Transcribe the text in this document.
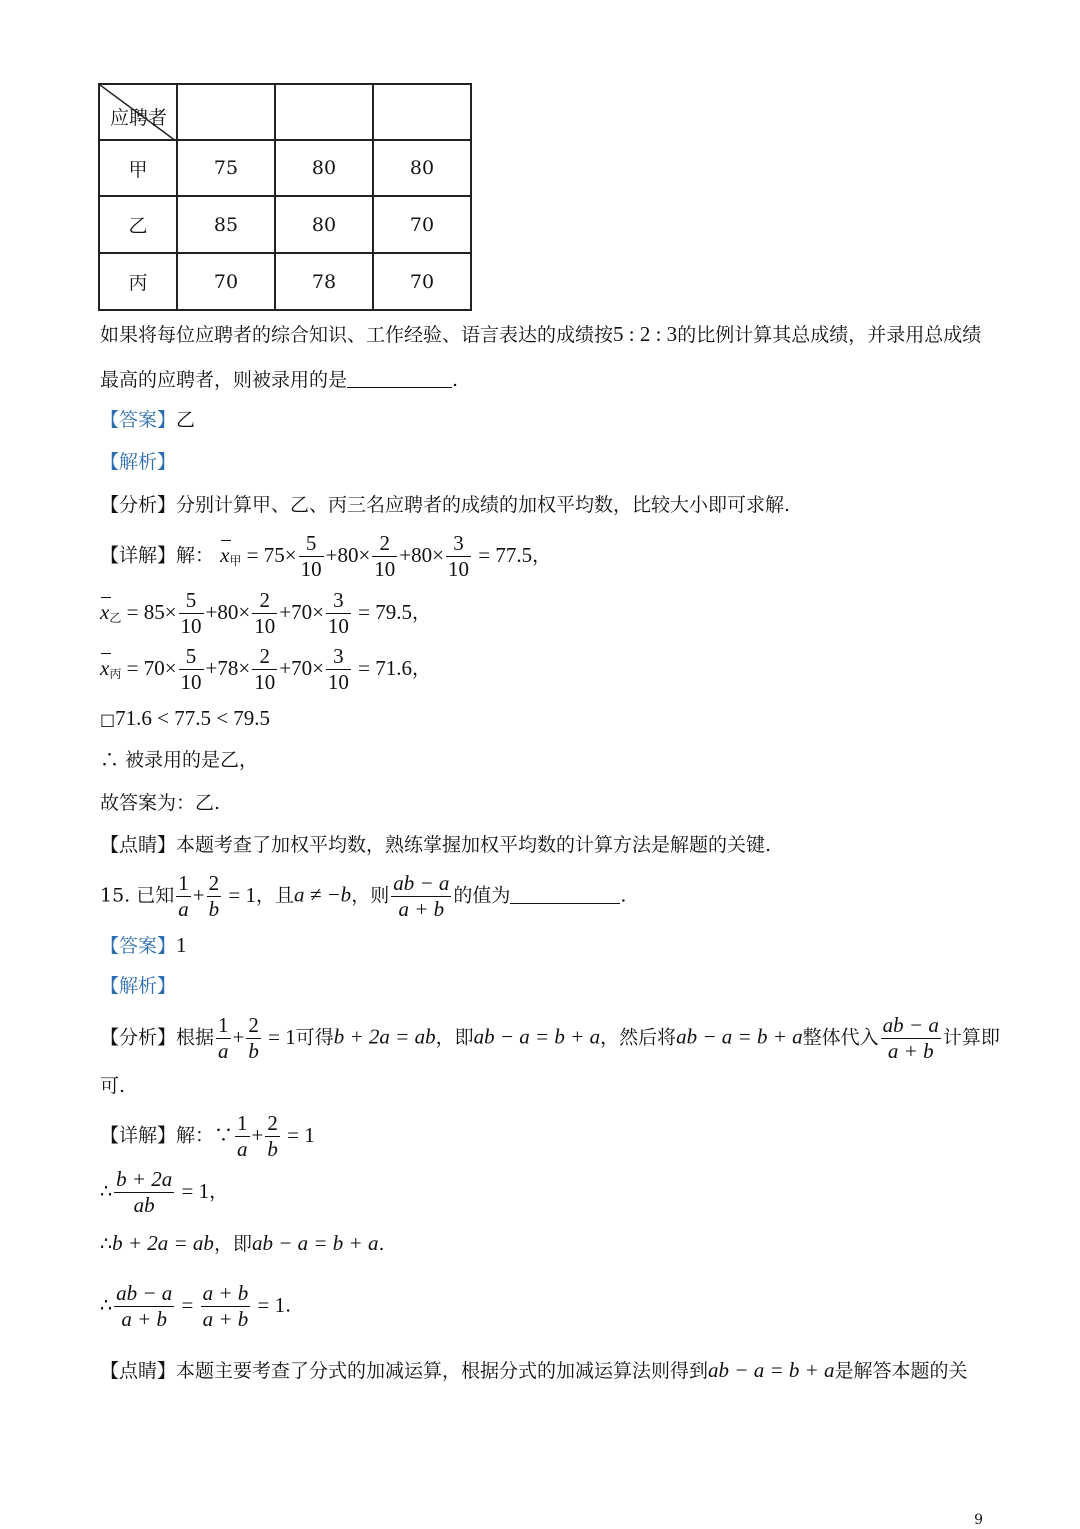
应聘者			

甲	75	80	80
乙	85	80	70
丙	70	78	70
如果将每位应聘者的综合知识、工作经验、语言表达的成绩按5 : 2 : 3的比例计算其总成绩，并录用总成绩
最高的应聘者，则被录用的是	.
【答案】乙
【解析】
【分析】分别计算甲、乙、丙三名应聘者的成绩的加权平均数，比较大小即可求解.
【详解】解： $x_甲 = 75\times \frac{5}{10} +80\times \frac{2}{10} +80\times \frac{3}{10} = 77.5$，
$x_乙 = 85\times \frac{5}{10} +80\times \frac{2}{10} +70\times \frac{3}{10} = 79.5$，
$x_丙 = 70\times \frac{5}{10} +78\times \frac{2}{10} +70\times \frac{3}{10} = 71.6$，
□71.6 < 77.5 < 79.5
∴ 被录用的是乙，
故答案为：乙.
【点睛】本题考查了加权平均数，熟练掌握加权平均数的计算方法是解题的关键.
15. 已知 $\frac{1}{a} + \frac{2}{b} = 1$，且a ≠ −b，则 $\frac{ab - a}{a + b}$ 的值为	.
【答案】1
【解析】
【分析】根据 $\frac{1}{a} + \frac{2}{b} = 1$可得b + 2a = ab，即ab − a = b + a，然后将ab − a = b + a整体代入 $\frac{ab - a}{a + b}$ 计算即
可.
【详解】解：∵ $\frac{1}{a} + \frac{2}{b} = 1$
∴ $\frac{b + 2a}{ab} = 1$，
∴b + 2a = ab，即ab − a = b + a.
∴ $\frac{ab - a}{a + b} = \frac{a + b}{a + b} = 1$.
【点睛】本题主要考查了分式的加减运算，根据分式的加减运算法则得到ab − a = b + a是解答本题的关
9
